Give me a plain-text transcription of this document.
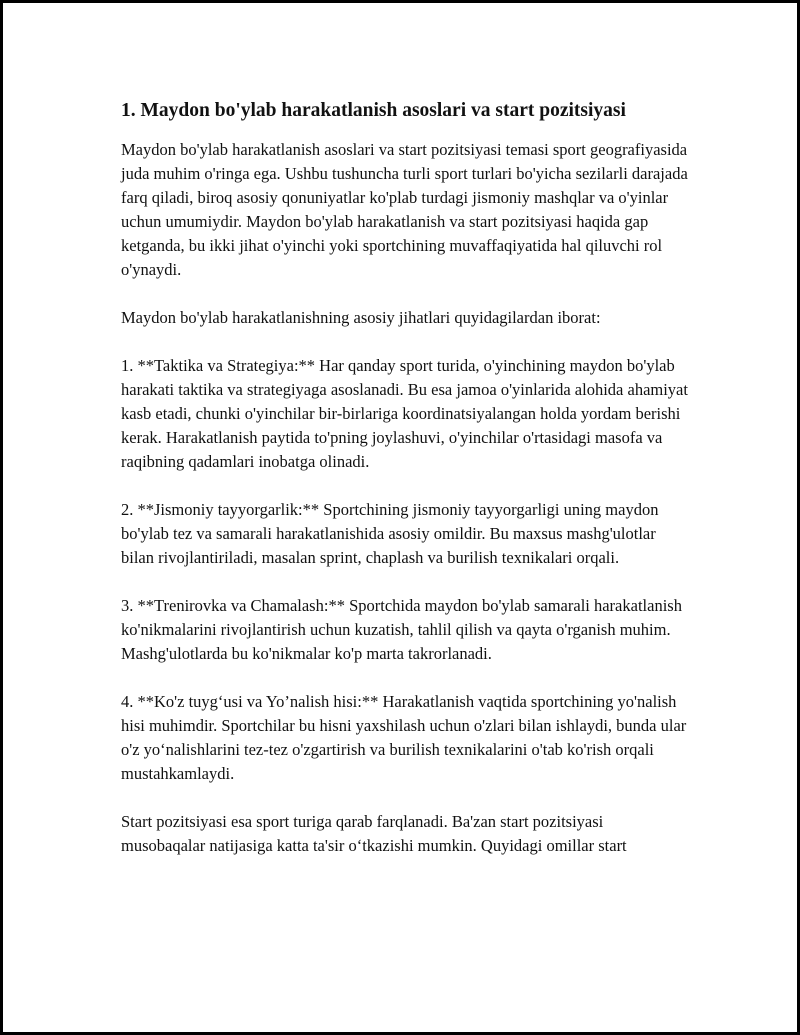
1. Maydon bo'ylab harakatlanish asoslari va start pozitsiyasi

Maydon bo'ylab harakatlanish asoslari va start pozitsiyasi temasi sport geografiyasida juda muhim o'ringa ega. Ushbu tushuncha turli sport turlari bo'yicha sezilarli darajada farq qiladi, biroq asosiy qonuniyatlar ko'plab turdagi jismoniy mashqlar va o'yinlar uchun umumiydir. Maydon bo'ylab harakatlanish va start pozitsiyasi haqida gap ketganda, bu ikki jihat o'yinchi yoki sportchining muvaffaqiyatida hal qiluvchi rol o'ynaydi.

Maydon bo'ylab harakatlanishning asosiy jihatlari quyidagilardan iborat:

1. **Taktika va Strategiya:** Har qanday sport turida, o'yinchining maydon bo'ylab harakati taktika va strategiyaga asoslanadi. Bu esa jamoa o'yinlarida alohida ahamiyat kasb etadi, chunki o'yinchilar bir-birlariga koordinatsiyalangan holda yordam berishi kerak. Harakatlanish paytida to'pning joylashuvi, o'yinchilar o'rtasidagi masofa va raqibning qadamlari inobatga olinadi.

2. **Jismoniy tayyorgarlik:** Sportchining jismoniy tayyorgarligi uning maydon bo'ylab tez va samarali harakatlanishida asosiy omildir. Bu maxsus mashg'ulotlar bilan rivojlantiriladi, masalan sprint, chaplash va burilish texnikalari orqali.

3. **Trenirovka va Chamalash:** Sportchida maydon bo'ylab samarali harakatlanish ko'nikmalarini rivojlantirish uchun kuzatish, tahlil qilish va qayta o'rganish muhim. Mashg'ulotlarda bu ko'nikmalar ko'p marta takrorlanadi.

4. **Ko'z tuyg‘usi va Yo’nalish hisi:** Harakatlanish vaqtida sportchining yo'nalish hisi muhimdir. Sportchilar bu hisni yaxshilash uchun o'zlari bilan ishlaydi, bunda ular o'z yo‘nalishlarini tez-tez o'zgartirish va burilish texnikalarini o'tab ko'rish orqali mustahkamlaydi.

Start pozitsiyasi esa sport turiga qarab farqlanadi. Ba'zan start pozitsiyasi musobaqalar natijasiga katta ta'sir o‘tkazishi mumkin. Quyidagi omillar start
